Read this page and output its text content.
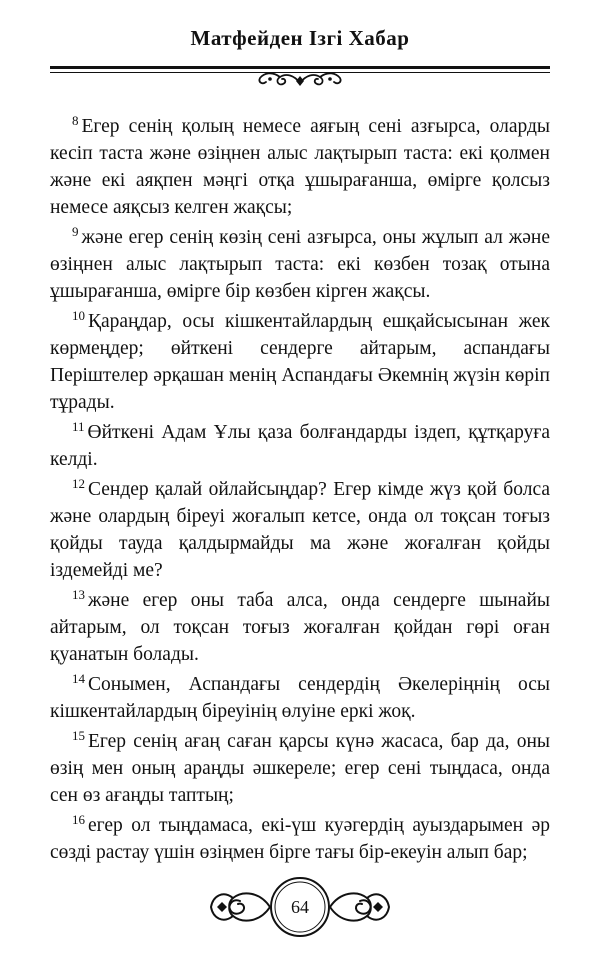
Матфейден Ізгі Хабар

$^8$ Егер сенің қолың немесе аяғың сені азғырса, оларды кесіп таста және өзіңнен алыс лақтырып таста: екі қолмен және екі аяқпен мәңгі отқа ұшырағанша, өмірге қолсыз немесе аяқсыз келген жақсы;

$^9$ және егер сенің көзің сені азғырса, оны жұлып ал және өзіңнен алыс лақтырып таста: екі көзбен тозақ отына ұшырағанша, өмірге бір көзбен кірген жақсы.

$^{10}$ Қараңдар, осы кішкентайлардың ешқайсысынан жек көрмеңдер; өйткені сендерге айтарым, аспандағы Періштелер әрқашан менің Аспандағы Әкемнің жүзін көріп тұрады.

$^{11}$ Өйткені Адам Ұлы қаза болғандарды іздеп, құтқаруға келді.

$^{12}$ Сендер қалай ойлайсыңдар? Егер кімде жүз қой болса және олардың біреуі жоғалып кетсе, онда ол тоқсан тоғыз қойды тауда қалдырмайды ма және жоғалған қойды іздемейді ме?

$^{13}$ және егер оны таба алса, онда сендерге шынайы айтарым, ол тоқсан тоғыз жоғалған қойдан гөрі оған қуанатын болады.

$^{14}$ Сонымен, Аспандағы сендердің Әкелеріңнің осы кішкентайлардың біреуінің өлуіне еркі жоқ.

$^{15}$ Егер сенің ағаң саған қарсы күнә жасаса, бар да, оны өзің мен оның араңды әшкереле; егер сені тыңдаса, онда сен өз ағаңды таптың;

$^{16}$ егер ол тыңдамаса, екі-үш куәгердің ауыздарымен әр сөзді растау үшін өзіңмен бірге тағы бір-екеуін алып бар;

64
